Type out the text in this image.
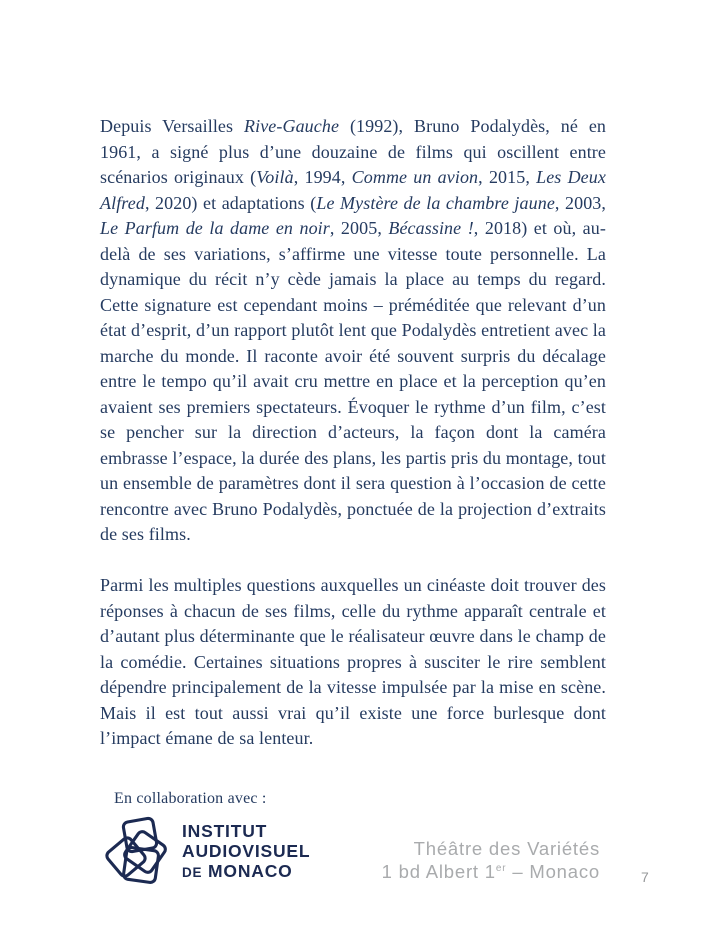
Depuis Versailles Rive-Gauche (1992), Bruno Podalydès, né en 1961, a signé plus d’une douzaine de films qui oscillent entre scénarios originaux (Voilà, 1994, Comme un avion, 2015, Les Deux Alfred, 2020) et adaptations (Le Mystère de la chambre jaune, 2003, Le Parfum de la dame en noir, 2005, Bécassine !, 2018) et où, au-delà de ses variations, s’affirme une vitesse toute personnelle. La dynamique du récit n’y cède jamais la place au temps du regard. Cette signature est cependant moins – préméditée que relevant d’un état d’esprit, d’un rapport plutôt lent que Podalydès entretient avec la marche du monde. Il raconte avoir été souvent surpris du décalage entre le tempo qu’il avait cru mettre en place et la perception qu’en avaient ses premiers spectateurs. Évoquer le rythme d’un film, c’est se pencher sur la direction d’acteurs, la façon dont la caméra embrasse l’espace, la durée des plans, les partis pris du montage, tout un ensemble de paramètres dont il sera question à l’occasion de cette rencontre avec Bruno Podalydès, ponctuée de la projection d’extraits de ses films.

Parmi les multiples questions auxquelles un cinéaste doit trouver des réponses à chacun de ses films, celle du rythme apparaît centrale et d’autant plus déterminante que le réalisateur œuvre dans le champ de la comédie. Certaines situations propres à susciter le rire semblent dépendre principalement de la vitesse impulsée par la mise en scène. Mais il est tout aussi vrai qu’il existe une force burlesque dont l’impact émane de sa lenteur.

En collaboration avec :
INSTITUT
AUDIOVISUEL
DE MONACO
Théâtre des Variétés
1 bd Albert 1er – Monaco	7
